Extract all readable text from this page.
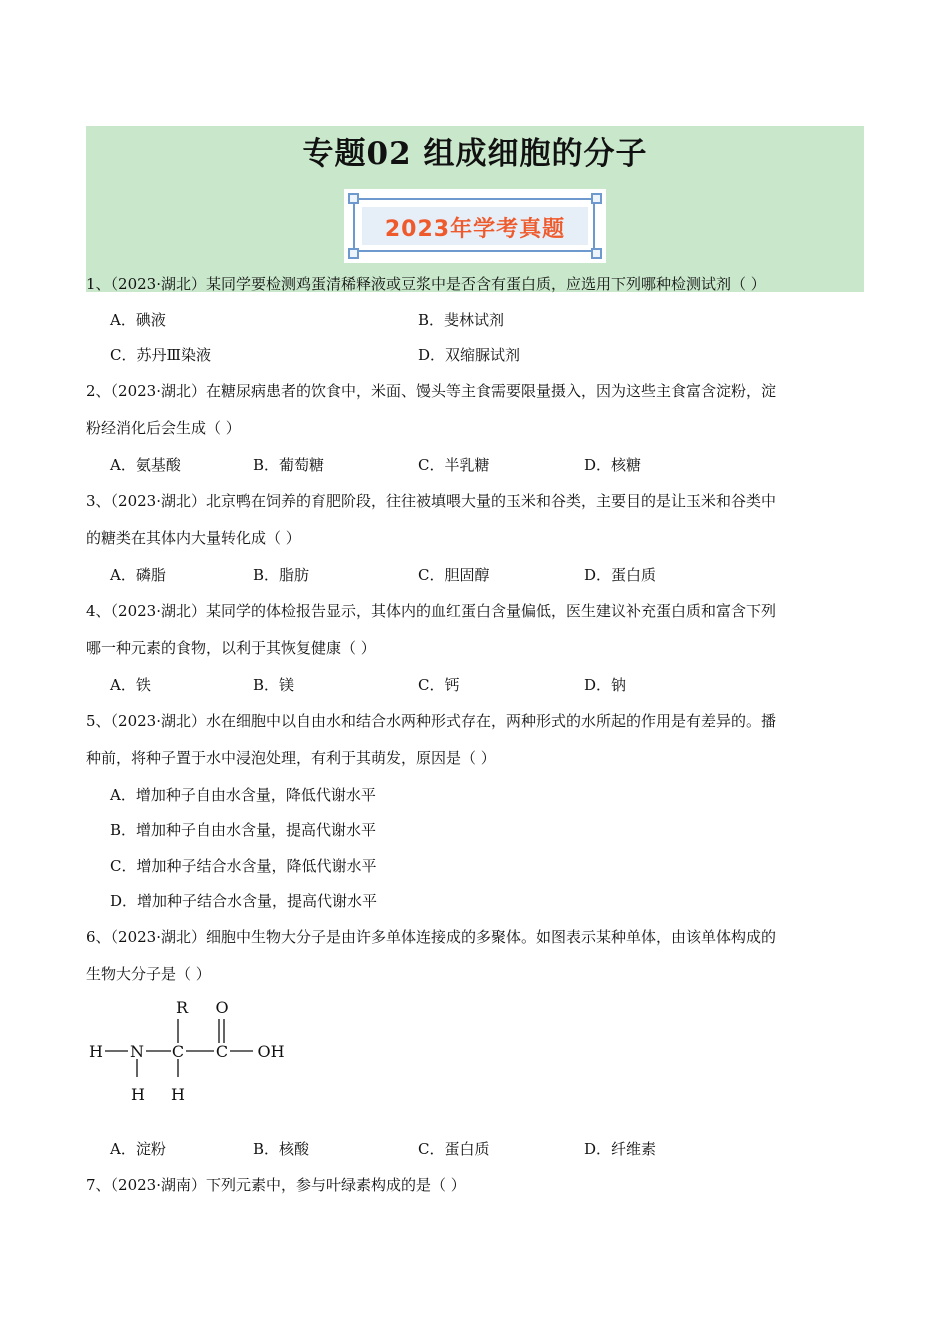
专题02 组成细胞的分子
2023年学考真题
1、（2023·湖北）某同学要检测鸡蛋清稀释液或豆浆中是否含有蛋白质，应选用下列哪种检测试剂（ ）
A．碘液	B．斐林试剂
C．苏丹Ⅲ染液	D．双缩脲试剂
2、（2023·湖北）在糖尿病患者的饮食中，米面、馒头等主食需要限量摄入，因为这些主食富含淀粉，淀
粉经消化后会生成（ ）
A．氨基酸	B．葡萄糖	C．半乳糖	D．核糖
3、（2023·湖北）北京鸭在饲养的育肥阶段，往往被填喂大量的玉米和谷类，主要目的是让玉米和谷类中
的糖类在其体内大量转化成（ ）
A．磷脂	B．脂肪	C．胆固醇	D．蛋白质
4、（2023·湖北）某同学的体检报告显示，其体内的血红蛋白含量偏低，医生建议补充蛋白质和富含下列
哪一种元素的食物，以利于其恢复健康（ ）
A．铁	B．镁	C．钙	D．钠
5、（2023·湖北）水在细胞中以自由水和结合水两种形式存在，两种形式的水所起的作用是有差异的。播
种前，将种子置于水中浸泡处理，有利于其萌发，原因是（ ）
A．增加种子自由水含量，降低代谢水平
B．增加种子自由水含量，提高代谢水平
C．增加种子结合水含量，降低代谢水平
D．增加种子结合水含量，提高代谢水平
6、（2023·湖北）细胞中生物大分子是由许多单体连接成的多聚体。如图表示某种单体，由该单体构成的
生物大分子是（ ）
R O
H N C C OH
H H
A．淀粉	B．核酸	C．蛋白质	D．纤维素
7、（2023·湖南）下列元素中，参与叶绿素构成的是（ ）
